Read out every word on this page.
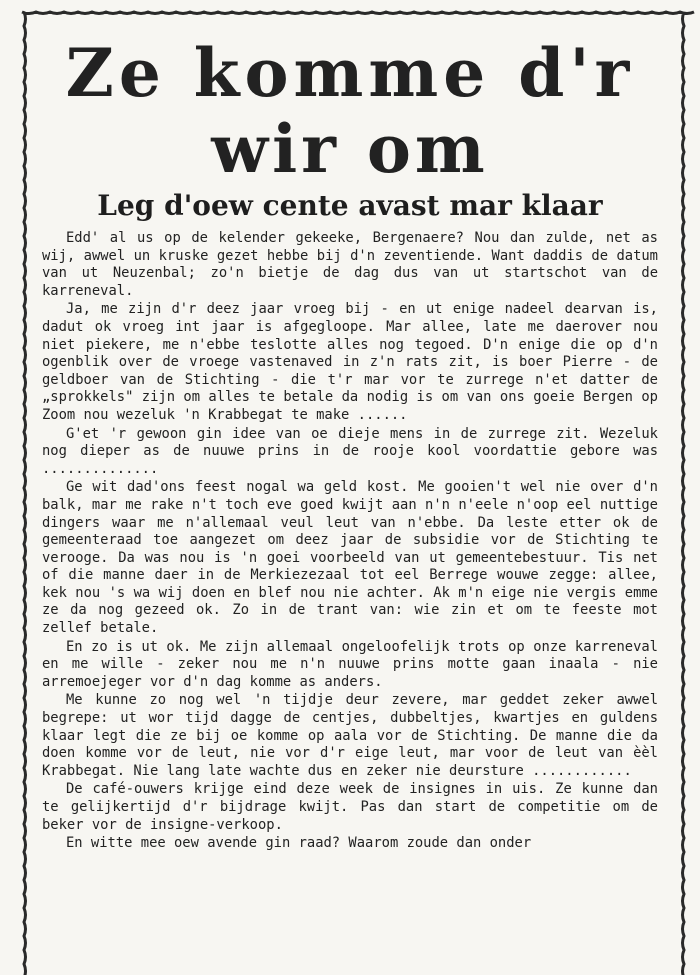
Ze komme d'r
wir om
Leg d'oew cente avast mar klaar

Edd' al us op de kelender gekeeke, Bergenaere? Nou dan zulde, net as wij, awwel un kruske gezet hebbe bij d'n zeventiende. Want daddis de datum van ut Neuzenbal; zo'n bietje de dag dus van ut startschot van de karreneval.

Ja, me zijn d'r deez jaar vroeg bij - en ut enige nadeel dearvan is, dadut ok vroeg int jaar is afgegloope. Mar allee, late me daerover nou niet piekere, me n'ebbe teslotte alles nog tegoed. D'n enige die op d'n ogenblik over de vroege vastenaved in z'n rats zit, is boer Pierre - de geldboer van de Stichting - die t'r mar vor te zurrege n'et datter de „sprokkels" zijn om alles te betale da nodig is om van ons goeie Bergen op Zoom nou wezeluk 'n Krabbegat te make ......

G'et 'r gewoon gin idee van oe dieje mens in de zurrege zit. Wezeluk nog dieper as de nuuwe prins in de rooje kool voordattie gebore was ..............

Ge wit dad'ons feest nogal wa geld kost. Me gooien't wel nie over d'n balk, mar me rake n't toch eve goed kwijt aan n'n n'eele n'oop eel nuttige dingers waar me n'allemaal veul leut van n'ebbe. Da leste etter ok de gemeenteraad toe aangezet om deez jaar de subsidie vor de Stichting te verooge. Da was nou is 'n goei voorbeeld van ut gemeentebestuur. Tis net of die manne daer in de Merkiezezaal tot eel Berrege wouwe zegge: allee, kek nou 's wa wij doen en blef nou nie achter. Ak m'n eige nie vergis emme ze da nog gezeed ok. Zo in de trant van: wie zin et om te feeste mot zellef betale.

En zo is ut ok. Me zijn allemaal ongeloofelijk trots op onze karreneval en me wille - zeker nou me n'n nuuwe prins motte gaan inaala - nie arremoejeger vor d'n dag komme as anders.

Me kunne zo nog wel 'n tijdje deur zevere, mar geddet zeker awwel begrepe: ut wor tijd dagge de centjes, dubbeltjes, kwartjes en guldens klaar legt die ze bij oe komme op aala vor de Stichting. De manne die da doen komme vor de leut, nie vor d'r eige leut, mar voor de leut van èèl Krabbegat. Nie lang late wachte dus en zeker nie deursture ............

De café-ouwers krijge eind deze week de insignes in uis. Ze kunne dan te gelijkertijd d'r bijdrage kwijt. Pas dan start de competitie om de beker vor de insigne-verkoop.

En witte mee oew avende gin raad? Waarom zoude dan onder
